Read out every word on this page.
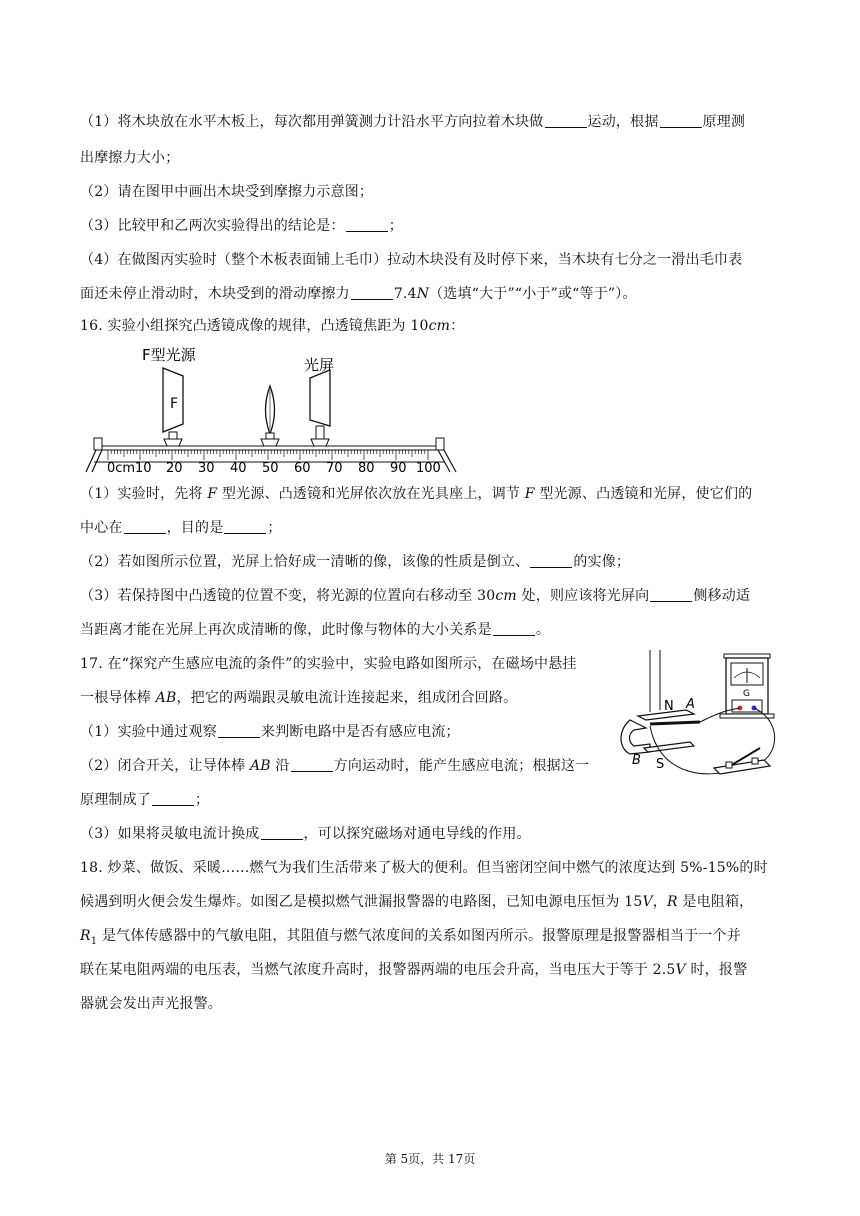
（1）将木块放在水平木板上，每次都用弹簧测力计沿水平方向拉着木块做	运动，根据	原理测
出摩擦力大小；
（2）请在图甲中画出木块受到摩擦力示意图；
（3）比较甲和乙两次实验得出的结论是：	；
（4）在做图丙实验时（整个木板表面铺上毛巾）拉动木块没有及时停下来，当木块有七分之一滑出毛巾表
面还未停止滑动时，木块受到的滑动摩擦力	7.4N（选填“大于”“小于”或“等于”）。
16. 实验小组探究凸透镜成像的规律，凸透镜焦距为 10cm：
F型光源
光屏
F
0cm 10 20 30 40 50 60 70 80 90 100
（1）实验时，先将 F 型光源、凸透镜和光屏依次放在光具座上，调节 F 型光源、凸透镜和光屏，使它们的
中心在	，目的是	；
（2）若如图所示位置，光屏上恰好成一清晰的像，该像的性质是倒立、	的实像；
（3）若保持图中凸透镜的位置不变，将光源的位置向右移动至 30cm 处，则应该将光屏向	侧移动适
当距离才能在光屏上再次成清晰的像，此时像与物体的大小关系是	。
17. 在“探究产生感应电流的条件”的实验中，实验电路如图所示，在磁场中悬挂
一根导体棒 AB，把它的两端跟灵敏电流计连接起来，组成闭合回路。
（1）实验中通过观察	来判断电路中是否有感应电流；
（2）闭合开关，让导体棒 AB 沿	方向运动时，能产生感应电流；根据这一
原理制成了	；
G
N A
S
B
（3）如果将灵敏电流计换成	，可以探究磁场对通电导线的作用。
18. 炒菜、做饭、采暖……燃气为我们生活带来了极大的便利。但当密闭空间中燃气的浓度达到 5%-15%的时
候遇到明火便会发生爆炸。如图乙是模拟燃气泄漏报警器的电路图，已知电源电压恒为 15V，R 是电阻箱，
$R_1$ 是气体传感器中的气敏电阻，其阻值与燃气浓度间的关系如图丙所示。报警原理是报警器相当于一个并
联在某电阻两端的电压表，当燃气浓度升高时，报警器两端的电压会升高，当电压大于等于 2.5V 时，报警
器就会发出声光报警。
第 5页，共 17页
